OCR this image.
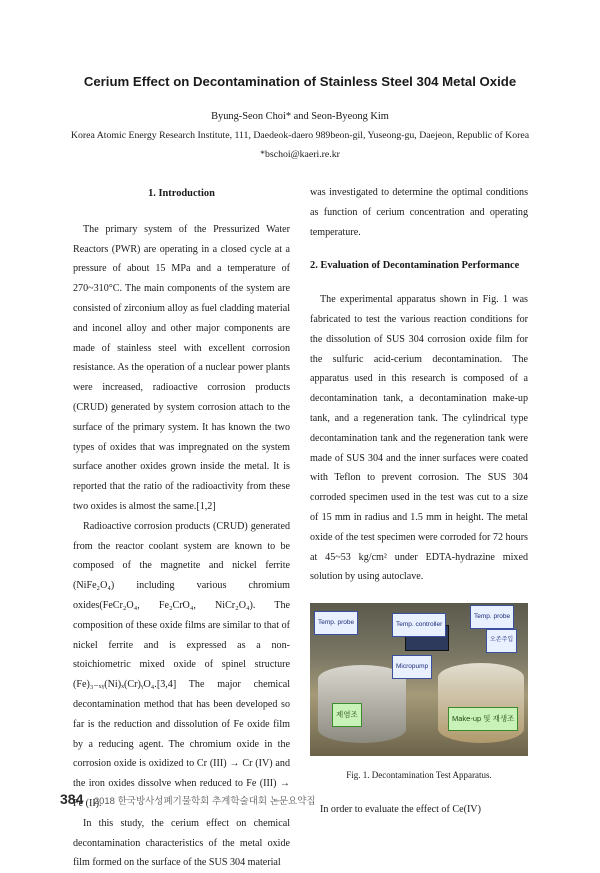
Cerium Effect on Decontamination of Stainless Steel 304 Metal Oxide
Byung-Seon Choi* and Seon-Byeong Kim
Korea Atomic Energy Research Institute, 111, Daedeok-daero 989beon-gil, Yuseong-gu, Daejeon, Republic of Korea
*bschoi@kaeri.re.kr
1. Introduction

The primary system of the Pressurized Water Reactors (PWR) are operating in a closed cycle at a pressure of about 15 MPa and a temperature of 270~310°C. The main components of the system are consisted of zirconium alloy as fuel cladding material and inconel alloy and other major components are made of stainless steel with excellent corrosion resistance. As the operation of a nuclear power plants were increased, radioactive corrosion products (CRUD) generated by system corrosion attach to the surface of the primary system. It has known the two types of oxides that was impregnated on the system surface another oxides grown inside the metal. It is reported that the ratio of the radioactivity from these two oxides is almost the same.[1,2]

Radioactive corrosion products (CRUD) generated from the reactor coolant system are known to be composed of the magnetite and nickel ferrite (NiFe₂O₄) including various chromium oxides(FeCr₂O₄, Fe₂CrO₄, NiCr₂O₄). The composition of these oxide films are similar to that of nickel ferrite and is expressed as a non-stoichiometric mixed oxide of spinel structure (Fe)₃₋ₓᵧ(Ni)ₓ(Cr)ᵧO₄.[3,4] The major chemical decontamination method that has been developed so far is the reduction and dissolution of Fe oxide film by a reducing agent. The chromium oxide in the corrosion oxide is oxidized to Cr (III) → Cr (IV) and the iron oxides dissolve when reduced to Fe (III) → Fe (II).

In this study, the cerium effect on chemical decontamination characteristics of the metal oxide film formed on the surface of the SUS 304 material

was investigated to determine the optimal conditions as function of cerium concentration and operating temperature.

2. Evaluation of Decontamination Performance

The experimental apparatus shown in Fig. 1 was fabricated to test the various reaction conditions for the dissolution of SUS 304 corrosion oxide film for the sulfuric acid-cerium decontamination. The apparatus used in this research is composed of a decontamination tank, a decontamination make-up tank, and a regeneration tank. The cylindrical type decontamination tank and the regeneration tank were made of SUS 304 and the inner surfaces were coated with Teflon to prevent corrosion. The SUS 304 corroded specimen used in the test was cut to a size of 15 mm in radius and 1.5 mm in height. The metal oxide of the test specimen were corroded for 72 hours at 45~53 kg/cm² under EDTA-hydrazine mixed solution by using autoclave.

Temp. probe	Temp. controller
Temp. probe
Micropump
오존주입
제염조	Make-up 및 재생조

Fig. 1. Decontamination Test Apparatus.

In order to evaluate the effect of Ce(IV)

384 2018 한국방사성폐기물학회 추계학술대회 논문요약집
